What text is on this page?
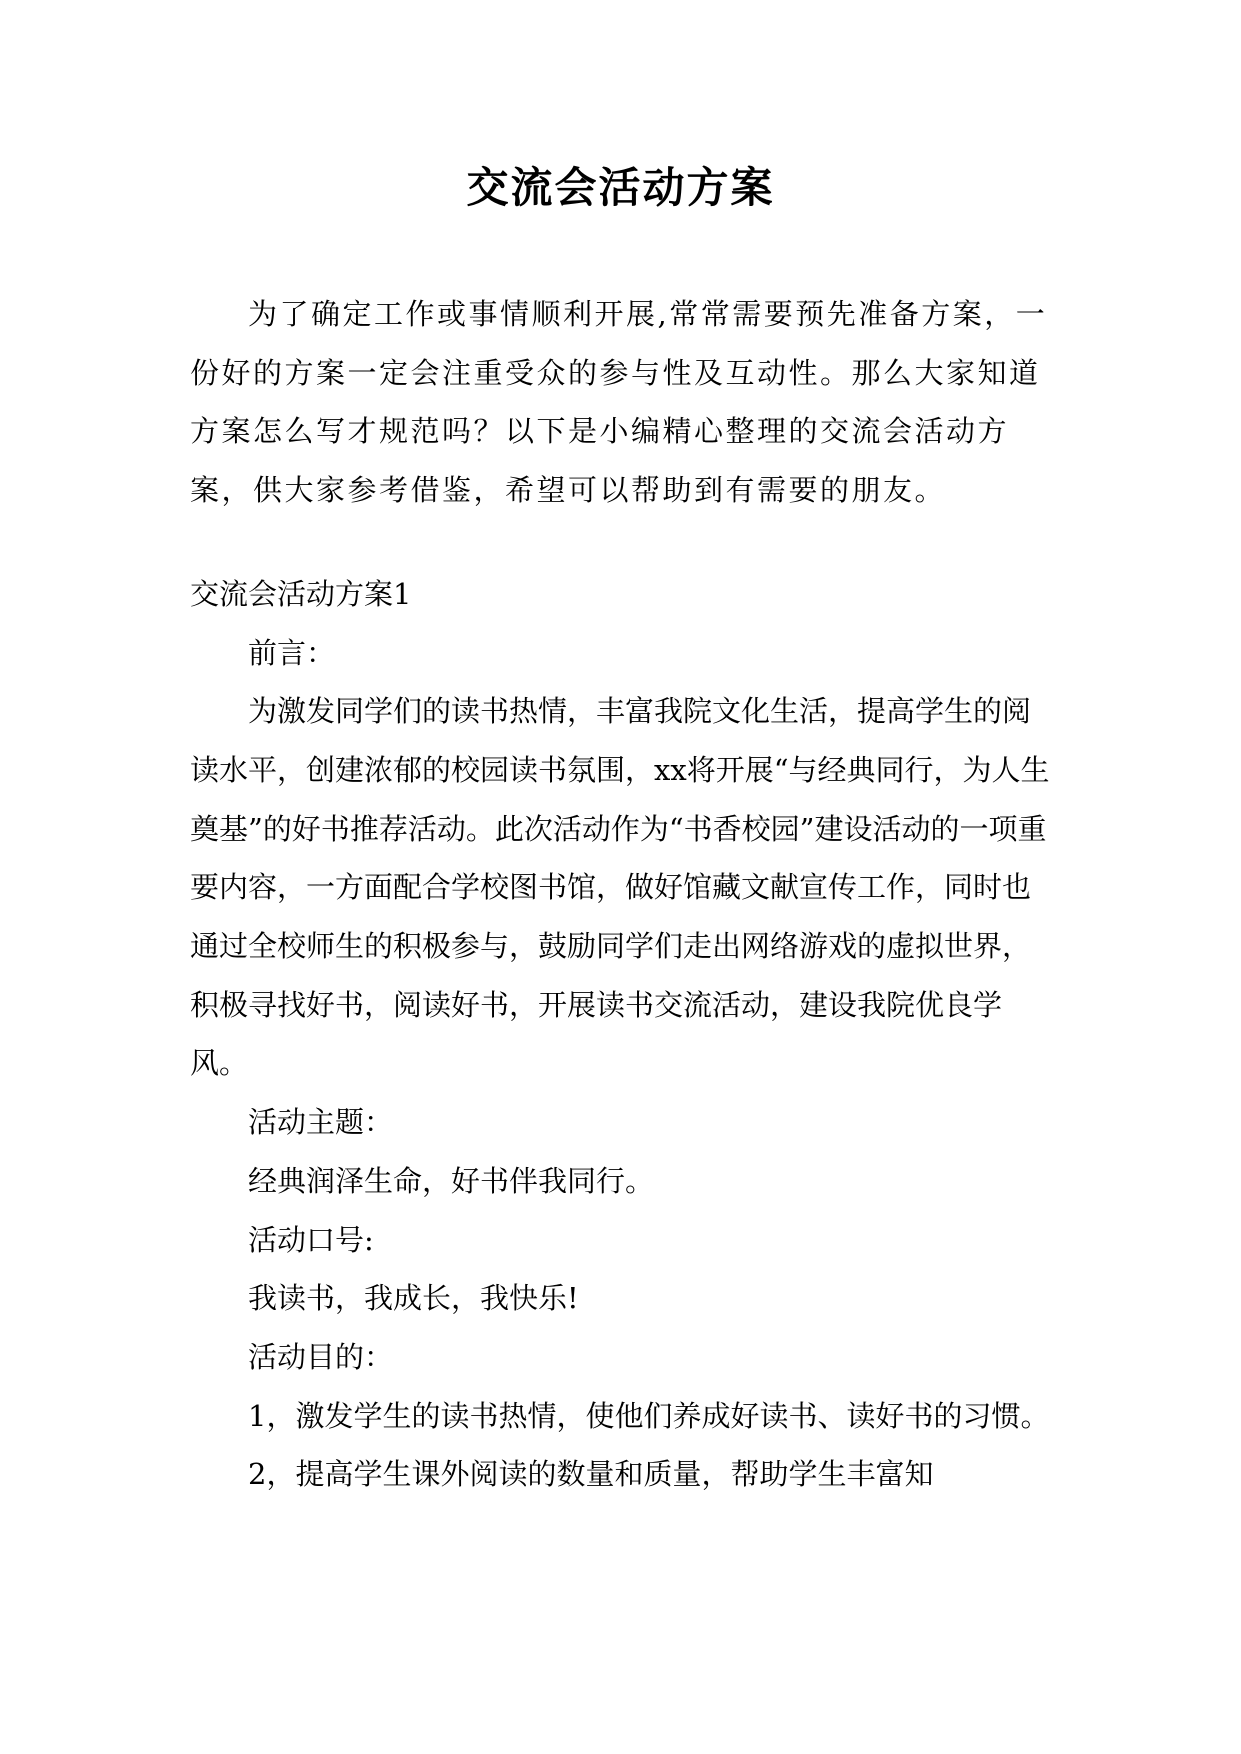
交流会活动方案

为了确定工作或事情顺利开展,常常需要预先准备方案，一份好的方案一定会注重受众的参与性及互动性。那么大家知道方案怎么写才规范吗？以下是小编精心整理的交流会活动方案，供大家参考借鉴，希望可以帮助到有需要的朋友。

交流会活动方案1

前言：

为激发同学们的读书热情，丰富我院文化生活，提高学生的阅读水平，创建浓郁的校园读书氛围，xx将开展“与经典同行，为人生奠基”的好书推荐活动。此次活动作为“书香校园”建设活动的一项重要内容，一方面配合学校图书馆，做好馆藏文献宣传工作，同时也通过全校师生的积极参与，鼓励同学们走出网络游戏的虚拟世界，积极寻找好书，阅读好书，开展读书交流活动，建设我院优良学风。

活动主题：

经典润泽生命，好书伴我同行。

活动口号:

我读书，我成长，我快乐!

活动目的：

1，激发学生的读书热情，使他们养成好读书、读好书的习惯。

2，提高学生课外阅读的数量和质量，帮助学生丰富知
